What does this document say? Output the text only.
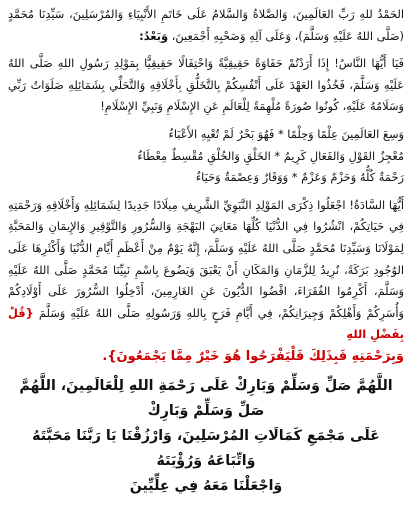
الحَمْدُ للهِ رَبِّ العَالَمِينَ، وَالصَّلاةُ وَالسَّلامُ عَلَى خَاتَمِ الأَنْبِيَاءِ وَالمُرْسَلِينَ، سَيِّدِنَا مُحَمَّدٍ (صَلَّى اللهُ عَلَيْهِ وَسَلَّمَ)، وَعَلَى آلِهِ وَصَحْبِهِ أَجْمَعِينَ، وَبَعْدُ:

فَيَا أَيُّهَا النَّاسُ! إِذَا أَرَدْتُمْ حَفَاوَةً حَقِيقِيَّةً وَاحْتِفَالًا حَقِيقِيًّا بِمَوْلِدِ رَسُولِ اللهِ صَلَّى اللهُ عَلَيْهِ وَسَلَّمَ، فَخُذُوا العَهْدَ عَلَى أَنْفُسِكُمْ بِالتَّخَلُّقِ بِأَخْلَاقِهِ وَالتَّحَلِّي بِشَمَائِلِهِ صَلَوَاتُ رَبِّي وَسَلَامُهُ عَلَيْهِ، كُونُوا صُورَةً مُلْهِمَةً لِلْعَالَمِ عَنِ الإِسْلَامِ وَنَبِيِّ الإِسْلَامِ!

وَسِعَ العَالَمِينَ عِلْمًا وَحِلْمًا * فَهُوَ بَحْرٌ لَمْ تُعْيِهِ الأَعْبَاءُ

مُعْجِزُ القَوْلِ وَالفَعَالِ كَرِيمُ * الخَلْقِ وَالخُلْقِ مُقْسِطٌ مِعْطَاءُ

رَحْمَةٌ كُلُّهُ وَحَزْمٌ وَعَزْمٌ * وَوَقَارٌ وَعِصْمَةٌ وَحَيَاءُ

أَيُّهَا السَّادَةُ! اجْعَلُوا ذِكْرَى المَوْلِدِ النَّبَوِيِّ الشَّرِيفِ مِيلَادًا جَدِيدًا لِشَمَائِلِهِ وَأَخْلَاقِهِ وَرَحْمَتِهِ فِي حَيَاتِكُمْ، انْشُرُوا فِي الدُّنْيَا كُلِّهَا مَعَانِيَ البَهْجَةِ وَالسُّرُورِ وَالتَّوْقِيرِ وَالإِيمَانِ وَالمَحَبَّةِ لِمَوْلَانَا وَسَيِّدِنَا مُحَمَّدٍ صَلَّى اللهُ عَلَيْهِ وَسَلَّمَ، إِنَّهُ يَوْمٌ مِنْ أَعْظَمِ أَيَّامِ الدُّنْيَا وَأَكْثَرِهَا عَلَى الوُجُودِ بَرَكَةً، نُرِيدُ لِلزَّمَانِ وَالمَكَانِ أَنْ يَعْبَقَ وَيَضُوعَ بِاسْمِ نَبِيِّنَا مُحَمَّدٍ صَلَّى اللهُ عَلَيْهِ وَسَلَّمَ، أَكْرِمُوا الفُقَرَاءَ، اقْضُوا الدُّيُونَ عَنِ الغَارِمِينَ، أَدْخِلُوا السُّرُورَ عَلَى أَوْلَادِكُمْ وَأُسَرِكُمْ وَأَهْلِكُمْ وَجِيرَانِكُمْ، فِي أَيَّامِ فَرَحٍ بِاللهِ وَرَسُولِهِ صَلَّى اللهُ عَلَيْهِ وَسَلَّمَ {قُلْ بِفَضْلِ اللهِ

وَبِرَحْمَتِهِ فَبِذَلِكَ فَلْيَفْرَحُوا هُوَ خَيْرٌ مِمَّا يَجْمَعُونَ}.

اللَّهُمَّ صَلِّ وَسَلِّمْ وَبَارِكْ عَلَى رَحْمَةِ اللهِ لِلْعَالَمِينَ، اللَّهُمَّ صَلِّ وَسَلِّمْ وَبَارِكْ

عَلَى مَجْمَعِ كَمَالَاتِ المُرْسَلِينَ، وَارْزُقْنَا يَا رَبَّنَا مَحَبَّتَهُ وَاتِّبَاعَهُ وَرُؤْيَتَهُ

وَاجْعَلْنَا مَعَهُ فِي عِلِّيِّينَ
